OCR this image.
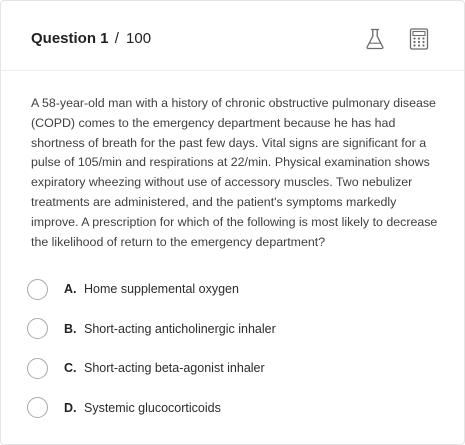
Question 1 / 100
A 58-year-old man with a history of chronic obstructive pulmonary disease (COPD) comes to the emergency department because he has had shortness of breath for the past few days. Vital signs are significant for a pulse of 105/min and respirations at 22/min. Physical examination shows expiratory wheezing without use of accessory muscles. Two nebulizer treatments are administered, and the patient's symptoms markedly improve. A prescription for which of the following is most likely to decrease the likelihood of return to the emergency department?
A. Home supplemental oxygen
B. Short-acting anticholinergic inhaler
C. Short-acting beta-agonist inhaler
D. Systemic glucocorticoids
